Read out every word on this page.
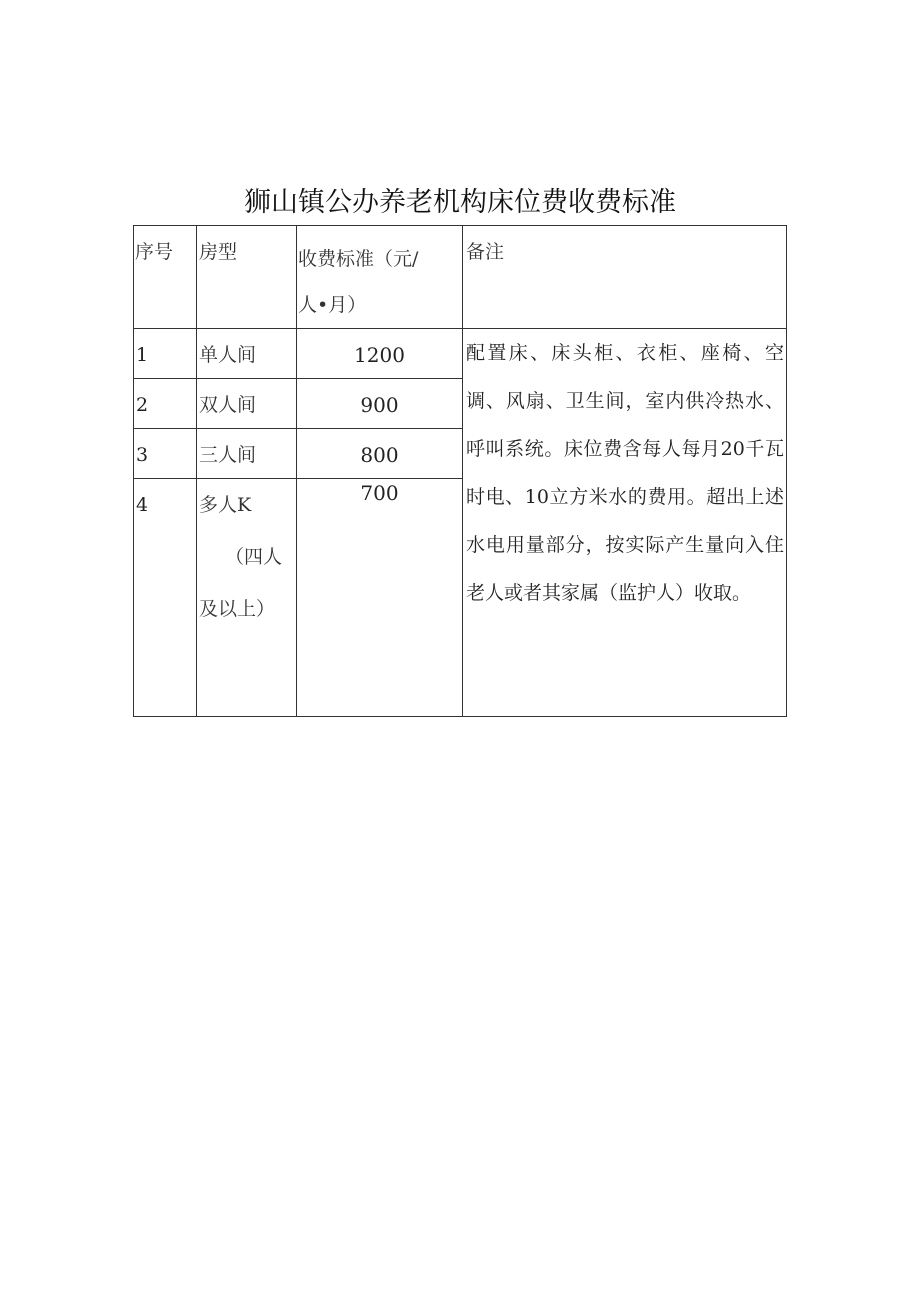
狮山镇公办养老机构床位费收费标准
序号	房型	收费标准（元/
人•月）	备注

1	单人间	1200	配置床、床头柜、衣柜、座椅、空调、风扇、卫生间，室内供冷热水、呼叫系统。床位费含每人每月20千瓦时电、10立方米水的费用。超出上述水电用量部分，按实际产生量向入住老人或者其家属（监护人）收取。

2	双人间	900	

3	三人间	800	

4	多人K
（四人
及以上）	700	
